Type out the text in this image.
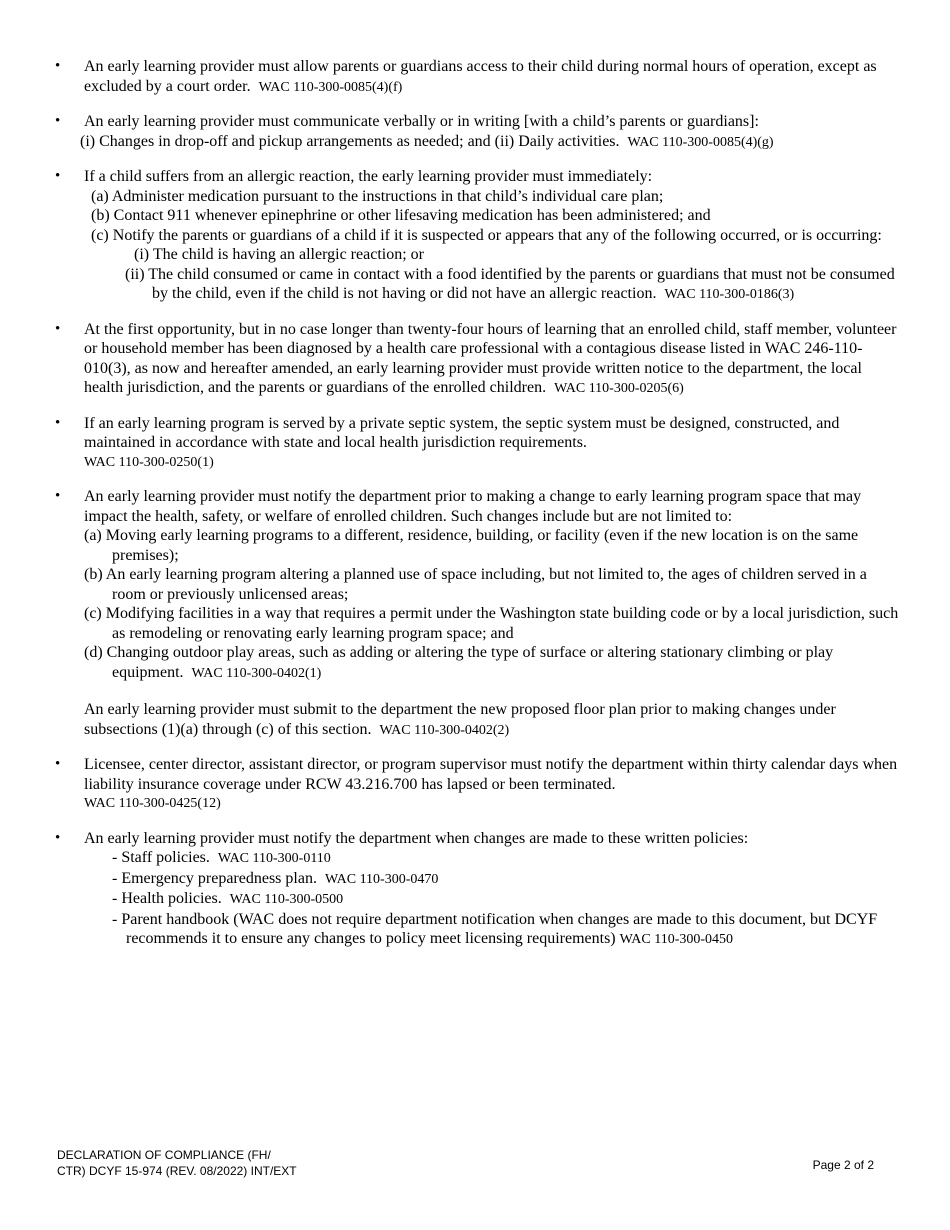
• An early learning provider must allow parents or guardians access to their child during normal hours of operation, except as excluded by a court order. WAC 110-300-0085(4)(f)
• An early learning provider must communicate verbally or in writing [with a child’s parents or guardians]:
(i) Changes in drop-off and pickup arrangements as needed; and (ii) Daily activities. WAC 110-300-0085(4)(g)
• If a child suffers from an allergic reaction, the early learning provider must immediately:
(a) Administer medication pursuant to the instructions in that child’s individual care plan;
(b) Contact 911 whenever epinephrine or other lifesaving medication has been administered; and
(c) Notify the parents or guardians of a child if it is suspected or appears that any of the following occurred, or is occurring:
(i) The child is having an allergic reaction; or
(ii) The child consumed or came in contact with a food identified by the parents or guardians that must not be consumed by the child, even if the child is not having or did not have an allergic reaction. WAC 110-300-0186(3)
• At the first opportunity, but in no case longer than twenty-four hours of learning that an enrolled child, staff member, volunteer or household member has been diagnosed by a health care professional with a contagious disease listed in WAC 246-110-010(3), as now and hereafter amended, an early learning provider must provide written notice to the department, the local health jurisdiction, and the parents or guardians of the enrolled children. WAC 110-300-0205(6)
• If an early learning program is served by a private septic system, the septic system must be designed, constructed, and maintained in accordance with state and local health jurisdiction requirements.
WAC 110-300-0250(1)
• An early learning provider must notify the department prior to making a change to early learning program space that may impact the health, safety, or welfare of enrolled children. Such changes include but are not limited to:
(a) Moving early learning programs to a different, residence, building, or facility (even if the new location is on the same premises);
(b) An early learning program altering a planned use of space including, but not limited to, the ages of children served in a room or previously unlicensed areas;
(c) Modifying facilities in a way that requires a permit under the Washington state building code or by a local jurisdiction, such as remodeling or renovating early learning program space; and
(d) Changing outdoor play areas, such as adding or altering the type of surface or altering stationary climbing or play equipment. WAC 110-300-0402(1)
An early learning provider must submit to the department the new proposed floor plan prior to making changes under subsections (1)(a) through (c) of this section. WAC 110-300-0402(2)
• Licensee, center director, assistant director, or program supervisor must notify the department within thirty calendar days when liability insurance coverage under RCW 43.216.700 has lapsed or been terminated.
WAC 110-300-0425(12)
• An early learning provider must notify the department when changes are made to these written policies:
- Staff policies. WAC 110-300-0110
- Emergency preparedness plan. WAC 110-300-0470
- Health policies. WAC 110-300-0500
- Parent handbook (WAC does not require department notification when changes are made to this document, but DCYF recommends it to ensure any changes to policy meet licensing requirements) WAC 110-300-0450
DECLARATION OF COMPLIANCE (FH/
CTR) DCYF 15-974 (REV. 08/2022) INT/EXT	Page 2 of 2
